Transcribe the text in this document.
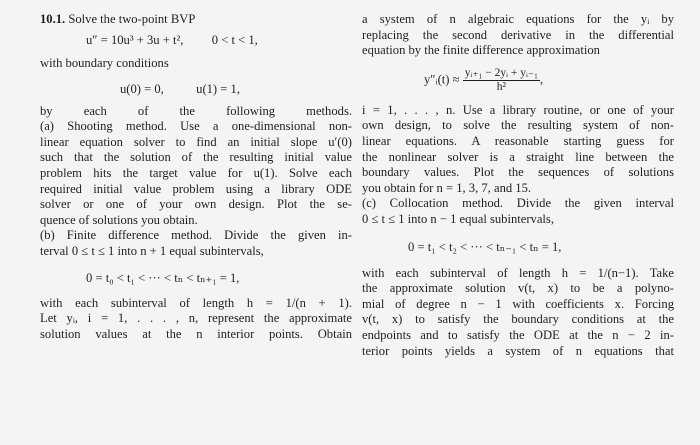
10.1. Solve the two-point BVP
u″ = 10u³ + 3u + t², 0 < t < 1,
with boundary conditions
u(0) = 0,	u(1) = 1,
by each of the following methods.
(a) Shooting method. Use a one-dimensional non-
linear equation solver to find an initial slope u′(0)
such that the solution of the resulting initial value
problem hits the target value for u(1). Solve each
required initial value problem using a library ODE
solver or one of your own design. Plot the se-
quence of solutions you obtain.
(b) Finite difference method. Divide the given in-
terval 0 ≤ t ≤ 1 into n + 1 equal subintervals,
0 = t₀ < t₁ < ··· < tₙ < tₙ₊₁ = 1,
with each subinterval of length h = 1/(n + 1).
Let yᵢ, i = 1, . . . , n, represent the approximate
solution values at the n interior points. Obtain
a system of n algebraic equations for the yᵢ by
replacing the second derivative in the differential
equation by the finite difference approximation
y″ᵢ(t) ≈ $\frac{\text{yᵢ₊₁ − 2yᵢ + yᵢ₋₁}}{\text{h²}}$ ,
i = 1, . . . , n. Use a library routine, or one of your
own design, to solve the resulting system of non-
linear equations. A reasonable starting guess for
the nonlinear solver is a straight line between the
boundary values. Plot the sequences of solutions
you obtain for n = 1, 3, 7, and 15.
(c) Collocation method. Divide the given interval
0 ≤ t ≤ 1 into n − 1 equal subintervals,
0 = t₁ < t₂ < ··· < tₙ₋₁ < tₙ = 1,
with each subinterval of length h = 1/(n−1). Take
the approximate solution v(t, x) to be a polyno-
mial of degree n − 1 with coefficients x. Forcing
v(t, x) to satisfy the boundary conditions at the
endpoints and to satisfy the ODE at the n − 2 in-
terior points yields a system of n equations that
